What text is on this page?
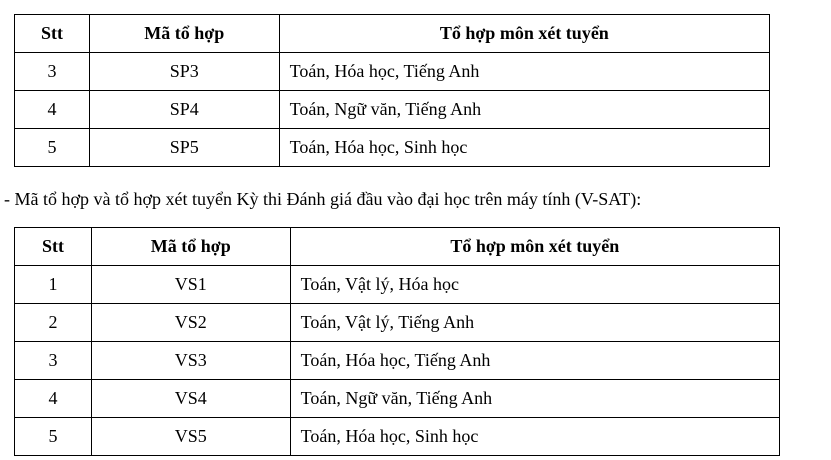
Stt	Mã tổ hợp	Tổ hợp môn xét tuyển
3	SP3	Toán, Hóa học, Tiếng Anh
4	SP4	Toán, Ngữ văn, Tiếng Anh
5	SP5	Toán, Hóa học, Sinh học
- Mã tổ hợp và tổ hợp xét tuyển Kỳ thi Đánh giá đầu vào đại học trên máy tính (V-SAT):
Stt	Mã tổ hợp	Tổ hợp môn xét tuyển
1	VS1	Toán, Vật lý, Hóa học
2	VS2	Toán, Vật lý, Tiếng Anh
3	VS3	Toán, Hóa học, Tiếng Anh
4	VS4	Toán, Ngữ văn, Tiếng Anh
5	VS5	Toán, Hóa học, Sinh học
